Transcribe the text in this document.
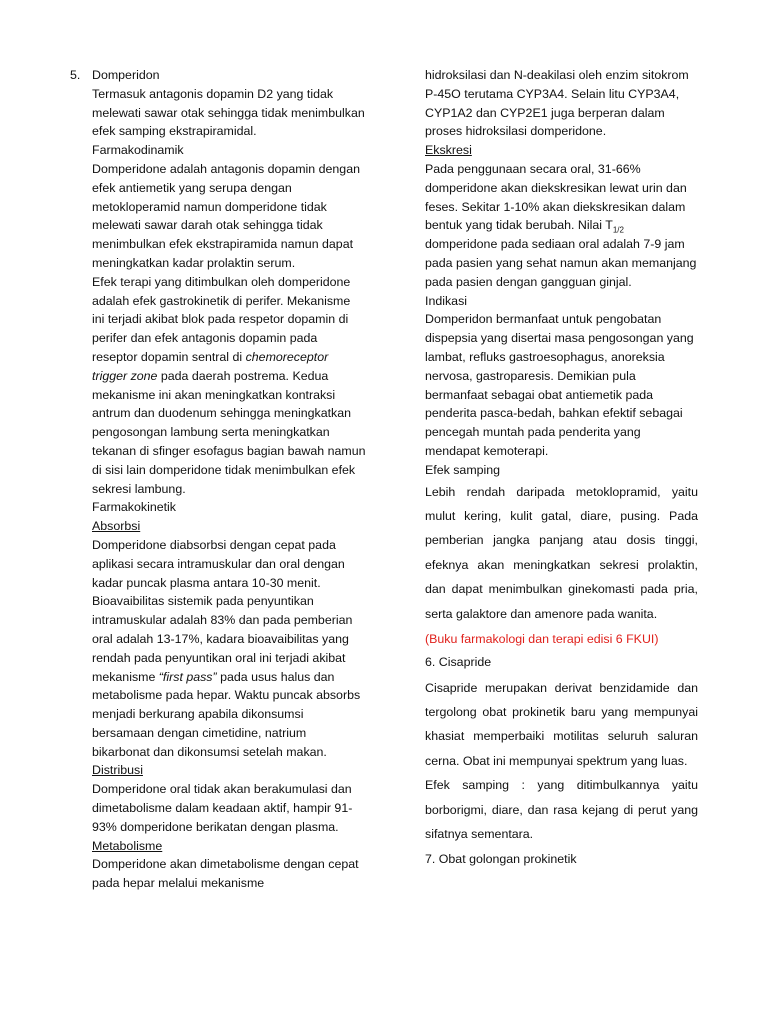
5. Domperidon

Termasuk antagonis dopamin D2 yang tidak melewati sawar otak sehingga tidak menimbulkan efek samping ekstrapiramidal.

Farmakodinamik

Domperidone adalah antagonis dopamin dengan efek antiemetik yang serupa dengan metokloperamid namun domperidone tidak melewati sawar darah otak sehingga tidak menimbulkan efek ekstrapiramida namun dapat meningkatkan kadar prolaktin serum.

Efek terapi yang ditimbulkan oleh domperidone adalah efek gastrokinetik di perifer. Mekanisme ini terjadi akibat blok pada respetor dopamin di perifer dan efek antagonis dopamin pada reseptor dopamin sentral di chemoreceptor trigger zone pada daerah postrema. Kedua mekanisme ini akan meningkatkan kontraksi antrum dan duodenum sehingga meningkatkan pengosongan lambung serta meningkatkan tekanan di sfinger esofagus bagian bawah namun di sisi lain domperidone tidak menimbulkan efek sekresi lambung.

Farmakokinetik

Absorbsi

Domperidone diabsorbsi dengan cepat pada aplikasi secara intramuskular dan oral dengan kadar puncak plasma antara 10-30 menit. Bioavaibilitas sistemik pada penyuntikan intramuskular adalah 83% dan pada pemberian oral adalah 13-17%, kadara bioavaibilitas yang rendah pada penyuntikan oral ini terjadi akibat mekanisme “first pass” pada usus halus dan metabolisme pada hepar. Waktu puncak absorbs menjadi berkurang apabila dikonsumsi bersamaan dengan cimetidine, natrium bikarbonat dan dikonsumsi setelah makan.

Distribusi

Domperidone oral tidak akan berakumulasi dan dimetabolisme dalam keadaan aktif, hampir 91-93% domperidone berikatan dengan plasma.

Metabolisme

Domperidone akan dimetabolisme dengan cepat pada hepar melalui mekanisme

hidroksilasi dan N-deakilasi oleh enzim sitokrom P-45O terutama CYP3A4. Selain litu CYP3A4, CYP1A2 dan CYP2E1 juga berperan dalam proses hidroksilasi domperidone.

Ekskresi

Pada penggunaan secara oral, 31-66% domperidone akan diekskresikan lewat urin dan feses. Sekitar 1-10% akan diekskresikan dalam bentuk yang tidak berubah. Nilai $T_{1/2}$ domperidone pada sediaan oral adalah 7-9 jam pada pasien yang sehat namun akan memanjang pada pasien dengan gangguan ginjal.

Indikasi

Domperidon bermanfaat untuk pengobatan dispepsia yang disertai masa pengosongan yang lambat, refluks gastroesophagus, anoreksia nervosa, gastroparesis. Demikian pula bermanfaat sebagai obat antiemetik pada penderita pasca-bedah, bahkan efektif sebagai pencegah muntah pada penderita yang mendapat kemoterapi.

Efek samping

Lebih rendah daripada metoklopramid, yaitu mulut kering, kulit gatal, diare, pusing. Pada pemberian jangka panjang atau dosis tinggi, efeknya akan meningkatkan sekresi prolaktin, dan dapat menimbulkan ginekomasti pada pria, serta galaktore dan amenore pada wanita.

(Buku farmakologi dan terapi edisi 6 FKUI)

6. Cisapride

Cisapride merupakan derivat benzidamide dan tergolong obat prokinetik baru yang mempunyai khasiat memperbaiki motilitas seluruh saluran cerna. Obat ini mempunyai spektrum yang luas.

Efek samping : yang ditimbulkannya yaitu borborigmi, diare, dan rasa kejang di perut yang sifatnya sementara.

7. Obat golongan prokinetik
